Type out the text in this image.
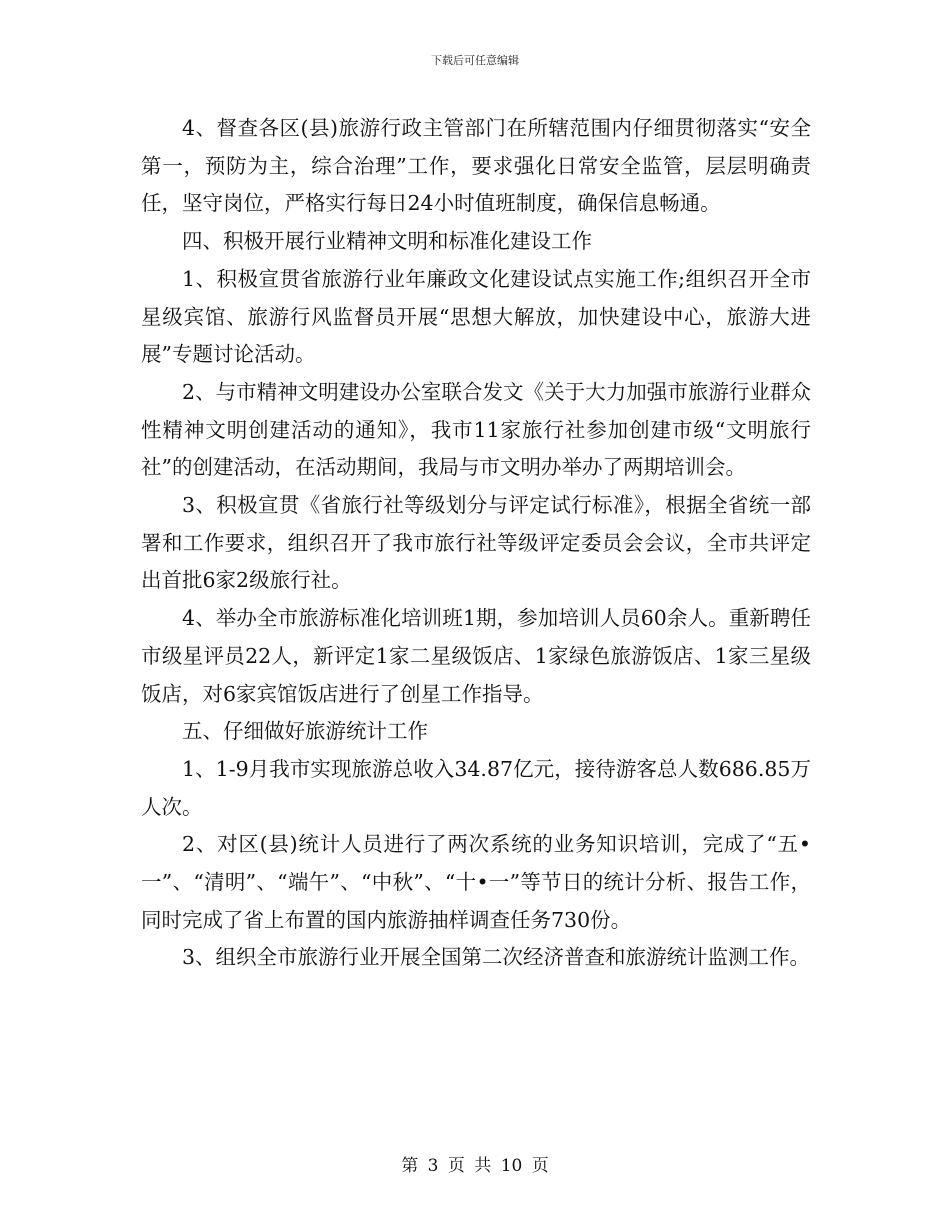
下载后可任意编辑

4、督查各区(县)旅游行政主管部门在所辖范围内仔细贯彻落实“安全第一，预防为主，综合治理”工作，要求强化日常安全监管，层层明确责任，坚守岗位，严格实行每日24小时值班制度，确保信息畅通。

四、积极开展行业精神文明和标准化建设工作

1、积极宣贯省旅游行业年廉政文化建设试点实施工作;组织召开全市星级宾馆、旅游行风监督员开展“思想大解放，加快建设中心，旅游大进展”专题讨论活动。

2、与市精神文明建设办公室联合发文《关于大力加强市旅游行业群众性精神文明创建活动的通知》，我市11家旅行社参加创建市级“文明旅行社”的创建活动，在活动期间，我局与市文明办举办了两期培训会。

3、积极宣贯《省旅行社等级划分与评定试行标准》，根据全省统一部署和工作要求，组织召开了我市旅行社等级评定委员会会议，全市共评定出首批6家2级旅行社。

4、举办全市旅游标准化培训班1期，参加培训人员60余人。重新聘任市级星评员22人，新评定1家二星级饭店、1家绿色旅游饭店、1家三星级饭店，对6家宾馆饭店进行了创星工作指导。

五、仔细做好旅游统计工作

1、1-9月我市实现旅游总收入34.87亿元，接待游客总人数686.85万人次。

2、对区(县)统计人员进行了两次系统的业务知识培训，完成了“五•一”、“清明”、“端午”、“中秋”、“十•一”等节日的统计分析、报告工作，同时完成了省上布置的国内旅游抽样调查任务730份。

3、组织全市旅游行业开展全国第二次经济普查和旅游统计监测工作。

第 3 页 共 10 页
